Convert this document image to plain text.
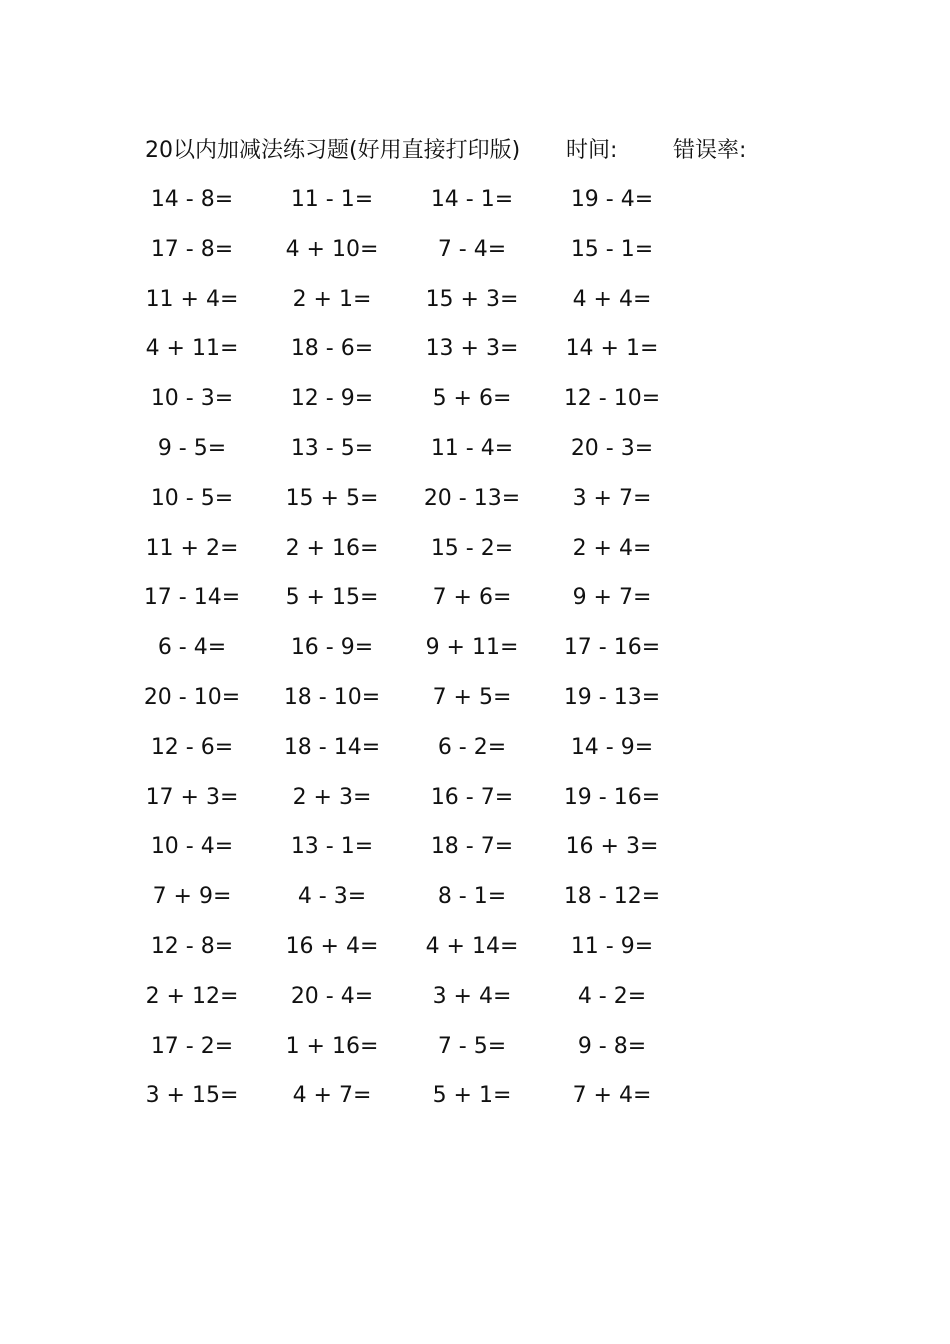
20以内加减法练习题(好用直接打印版) 时间:	错误率:
14 - 8=	11 - 1=	14 - 1=	19 - 4=
17 - 8=	4 + 10=	7 - 4=	15 - 1=
11 + 4=	2 + 1=	15 + 3=	4 + 4=
4 + 11=	18 - 6=	13 + 3=	14 + 1=
10 - 3=	12 - 9=	5 + 6=	12 - 10=
9 - 5=	13 - 5=	11 - 4=	20 - 3=
10 - 5=	15 + 5=	20 - 13=	3 + 7=
11 + 2=	2 + 16=	15 - 2=	2 + 4=
17 - 14=	5 + 15=	7 + 6=	9 + 7=
6 - 4=	16 - 9=	9 + 11=	17 - 16=
20 - 10=	18 - 10=	7 + 5=	19 - 13=
12 - 6=	18 - 14=	6 - 2=	14 - 9=
17 + 3=	2 + 3=	16 - 7=	19 - 16=
10 - 4=	13 - 1=	18 - 7=	16 + 3=
7 + 9=	4 - 3=	8 - 1=	18 - 12=
12 - 8=	16 + 4=	4 + 14=	11 - 9=
2 + 12=	20 - 4=	3 + 4=	4 - 2=
17 - 2=	1 + 16=	7 - 5=	9 - 8=
3 + 15=	4 + 7=	5 + 1=	7 + 4=
